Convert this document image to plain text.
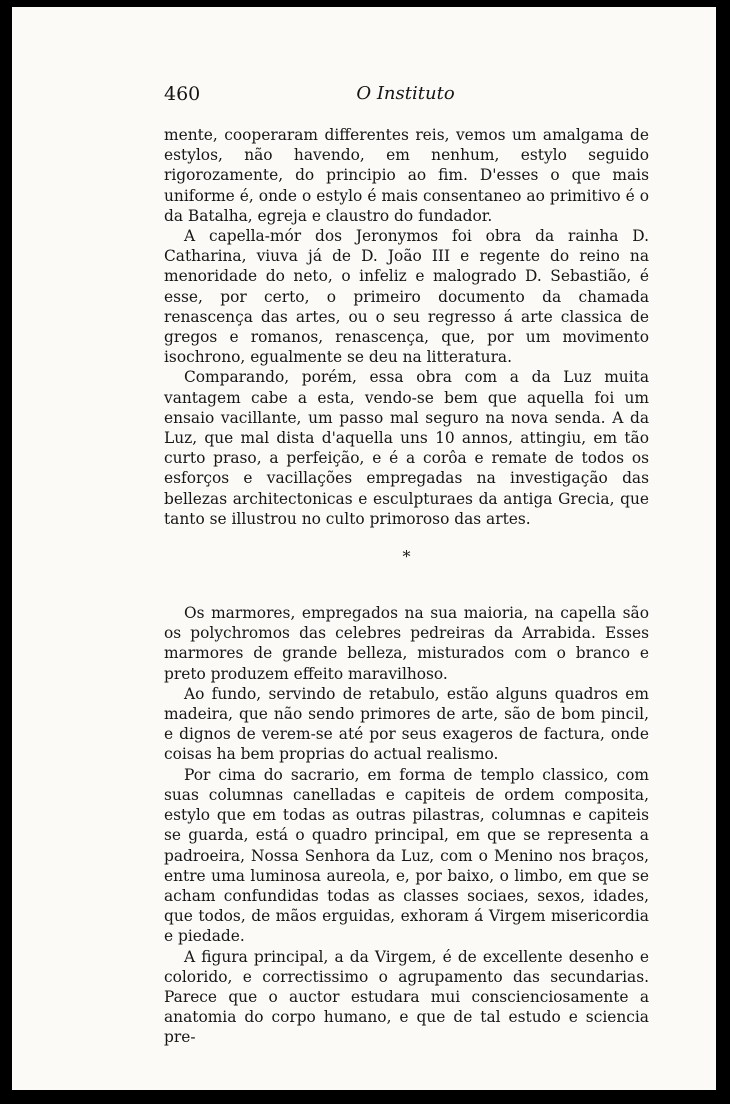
460	O Instituto

mente, cooperaram differentes reis, vemos um amalgama de estylos, não havendo, em nenhum, estylo seguido rigorozamente, do principio ao fim. D'esses o que mais uniforme é, onde o estylo é mais consentaneo ao primitivo é o da Batalha, egreja e claustro do fundador.

A capella-mór dos Jeronymos foi obra da rainha D. Catharina, viuva já de D. João III e regente do reino na menoridade do neto, o infeliz e malogrado D. Sebastião, é esse, por certo, o primeiro documento da chamada renascença das artes, ou o seu regresso á arte classica de gregos e romanos, renascença, que, por um movimento isochrono, egualmente se deu na litteratura.

Comparando, porém, essa obra com a da Luz muita vantagem cabe a esta, vendo-se bem que aquella foi um ensaio vacillante, um passo mal seguro na nova senda. A da Luz, que mal dista d'aquella uns 10 annos, attingiu, em tão curto praso, a perfeição, e é a corôa e remate de todos os esforços e vacillações empregadas na investigação das bellezas architectonicas e esculpturaes da antiga Grecia, que tanto se illustrou no culto primoroso das artes.

*

Os marmores, empregados na sua maioria, na capella são os polychromos das celebres pedreiras da Arrabida. Esses marmores de grande belleza, misturados com o branco e preto produzem effeito maravilhoso.

Ao fundo, servindo de retabulo, estão alguns quadros em madeira, que não sendo primores de arte, são de bom pincil, e dignos de verem-se até por seus exageros de factura, onde coisas ha bem proprias do actual realismo.

Por cima do sacrario, em forma de templo classico, com suas columnas canelladas e capiteis de ordem composita, estylo que em todas as outras pilastras, columnas e capiteis se guarda, está o quadro principal, em que se representa a padroeira, Nossa Senhora da Luz, com o Menino nos braços, entre uma luminosa aureola, e, por baixo, o limbo, em que se acham confundidas todas as classes sociaes, sexos, idades, que todos, de mãos erguidas, exhoram á Virgem misericordia e piedade.

A figura principal, a da Virgem, é de excellente desenho e colorido, e correctissimo o agrupamento das secundarias. Parece que o auctor estudara mui conscienciosamente a anatomia do corpo humano, e que de tal estudo e sciencia pre-
